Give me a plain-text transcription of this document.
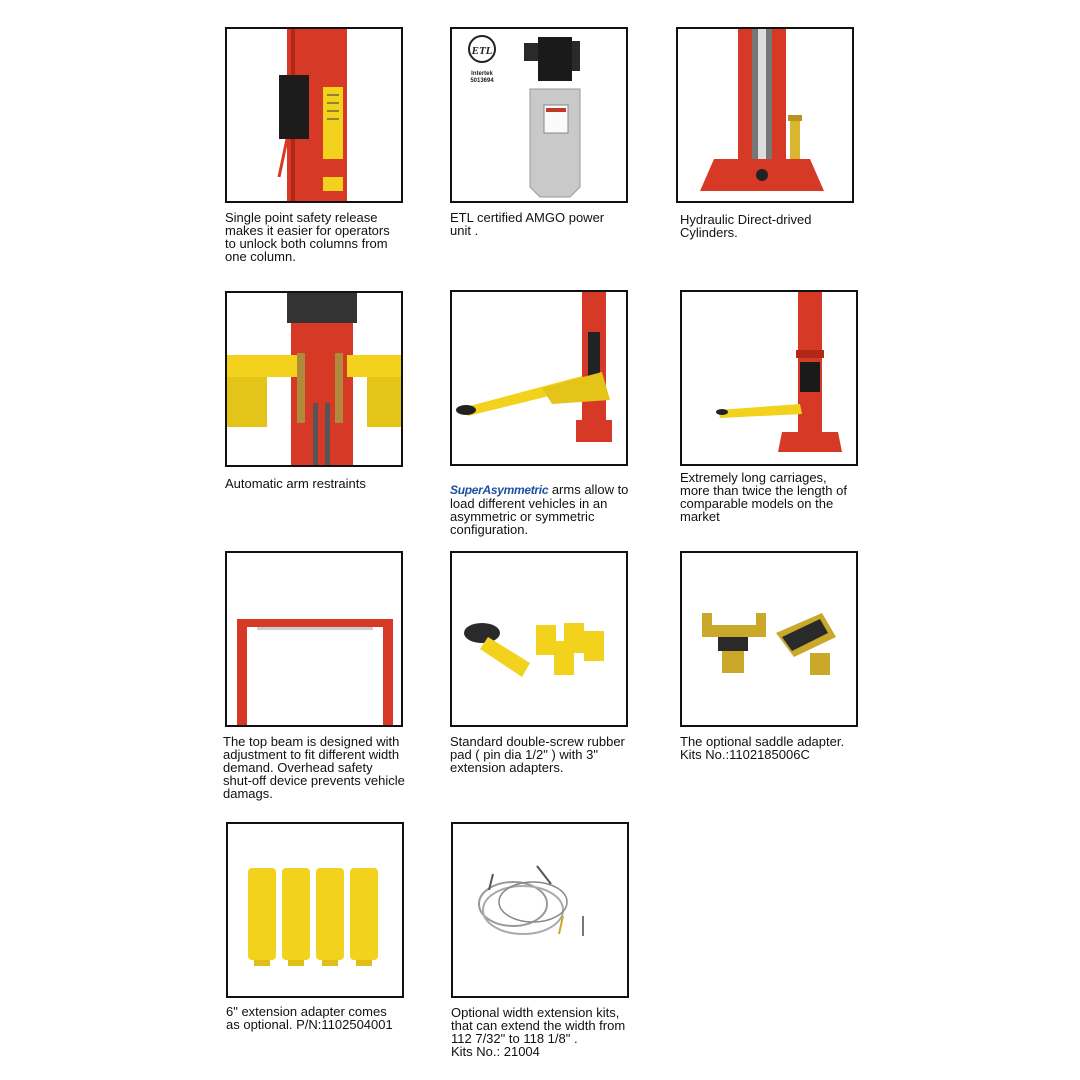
Single point safety release
makes it easier for operators
to unlock both columns from
one column.
ETL
Intertek
5013694
ETL certified AMGO power
unit .
Hydraulic Direct-drived
Cylinders.
Automatic arm restraints	SuperAsymmetric arms allow to
load different vehicles in an
asymmetric or symmetric
configuration.

Extremely long carriages,
more than twice the length of
comparable models on the
market
The top beam is designed with
adjustment to fit different width
demand. Overhead safety
shut-off device prevents vehicle
damags.
Standard double-screw rubber
pad ( pin dia 1/2" ) with 3"
extension adapters.
The optional saddle adapter.
Kits No.:1102185006C
6" extension adapter comes
as optional. P/N:1102504001
Optional width extension kits,
that can extend the width from
112 7/32" to 118 1/8" .
Kits No.: 21004
